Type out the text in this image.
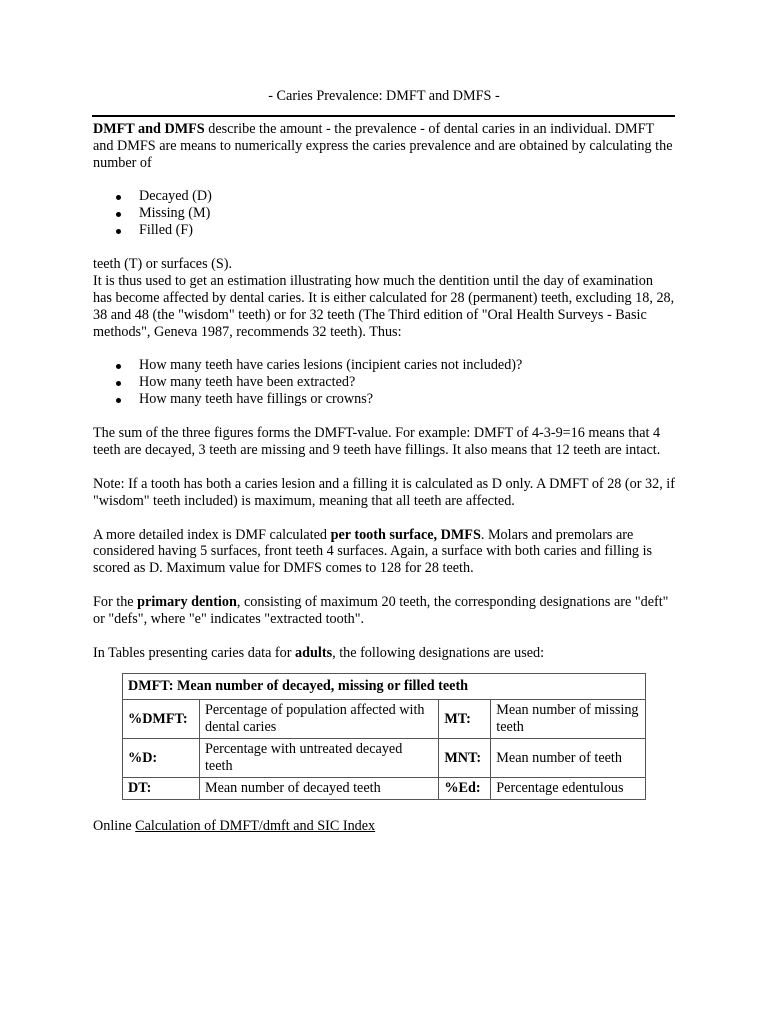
- Caries Prevalence: DMFT and DMFS -

DMFT and DMFS describe the amount - the prevalence - of dental caries in an individual. DMFT and DMFS are means to numerically express the caries prevalence and are obtained by calculating the number of

Decayed (D)
Missing (M)
Filled (F)

teeth (T) or surfaces (S).

It is thus used to get an estimation illustrating how much the dentition until the day of examination has become affected by dental caries. It is either calculated for 28 (permanent) teeth, excluding 18, 28, 38 and 48 (the "wisdom" teeth) or for 32 teeth (The Third edition of "Oral Health Surveys - Basic methods", Geneva 1987, recommends 32 teeth). Thus:

How many teeth have caries lesions (incipient caries not included)?
How many teeth have been extracted?
How many teeth have fillings or crowns?

The sum of the three figures forms the DMFT-value. For example: DMFT of 4-3-9=16 means that 4 teeth are decayed, 3 teeth are missing and 9 teeth have fillings. It also means that 12 teeth are intact.

Note: If a tooth has both a caries lesion and a filling it is calculated as D only. A DMFT of 28 (or 32, if "wisdom" teeth included) is maximum, meaning that all teeth are affected.

A more detailed index is DMF calculated per tooth surface, DMFS. Molars and premolars are considered having 5 surfaces, front teeth 4 surfaces. Again, a surface with both caries and filling is scored as D. Maximum value for DMFS comes to 128 for 28 teeth.

For the primary dention, consisting of maximum 20 teeth, the corresponding designations are "deft" or "defs", where "e" indicates "extracted tooth".

In Tables presenting caries data for adults, the following designations are used:

DMFT: Mean number of decayed, missing or filled teeth			
%DMFT:	Percentage of population affected with dental caries	MT:	Mean number of missing teeth
%D:	Percentage with untreated decayed teeth	MNT:	Mean number of teeth
DT:	Mean number of decayed teeth	%Ed:	Percentage edentulous

Online Calculation of DMFT/dmft and SIC Index
